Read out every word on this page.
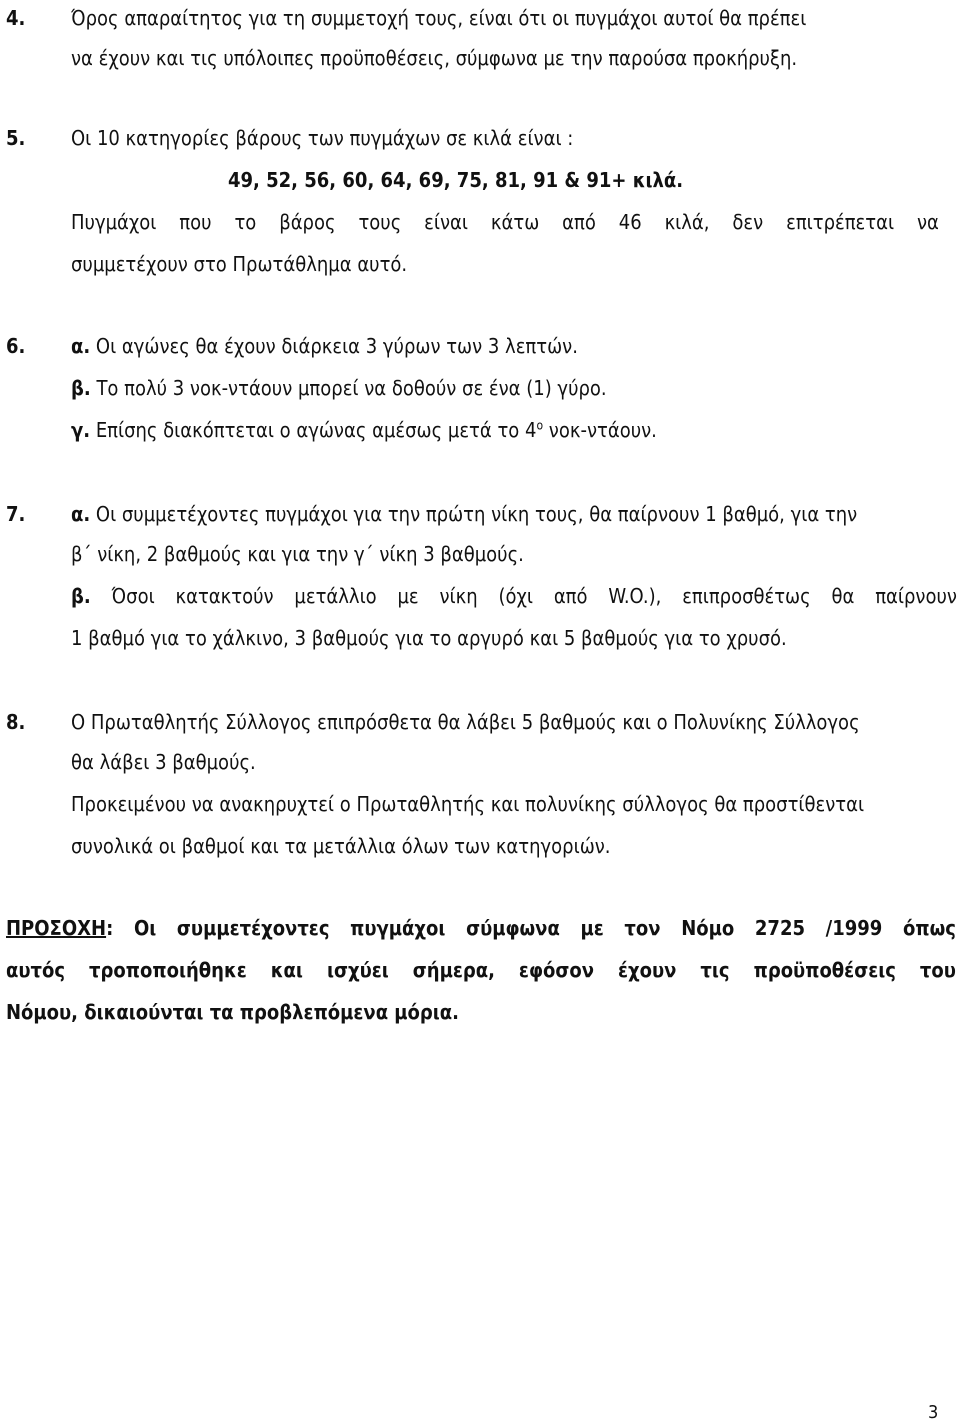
4. Όρος απαραίτητος για τη συμμετοχή τους, είναι ότι οι πυγμάχοι αυτοί θα πρέπει
να έχουν και τις υπόλοιπες προϋποθέσεις, σύμφωνα με την παρούσα προκήρυξη.
5. Οι 10 κατηγορίες βάρους των πυγμάχων σε κιλά είναι :
49, 52, 56, 60, 64, 69, 75, 81, 91 & 91+ κιλά.
Πυγμάχοι που το βάρος τους είναι κάτω από 46 κιλά, δεν επιτρέπεται να
συμμετέχουν στο Πρωτάθλημα αυτό.
6. α. Οι αγώνες θα έχουν διάρκεια 3 γύρων των 3 λεπτών.
β. Το πολύ 3 νοκ-ντάουν μπορεί να δοθούν σε ένα (1) γύρο.
γ. Επίσης διακόπτεται ο αγώνας αμέσως μετά το $4^o$ νοκ-ντάουν.
7. α. Οι συμμετέχοντες πυγμάχοι για την πρώτη νίκη τους, θα παίρνουν 1 βαθμό, για την
β΄ νίκη, 2 βαθμούς και για την γ΄ νίκη 3 βαθμούς.
β. Όσοι κατακτούν μετάλλιο με νίκη (όχι από W.O.), επιπροσθέτως θα παίρνουν
1 βαθμό για το χάλκινο, 3 βαθμούς για το αργυρό και 5 βαθμούς για το χρυσό.
8. Ο Πρωταθλητής Σύλλογος επιπρόσθετα θα λάβει 5 βαθμούς και ο Πολυνίκης Σύλλογος
θα λάβει 3 βαθμούς.
Προκειμένου να ανακηρυχτεί ο Πρωταθλητής και πολυνίκης σύλλογος θα προστίθενται
συνολικά οι βαθμοί και τα μετάλλια όλων των κατηγοριών.
ΠΡΟΣΟΧΗ: Οι συμμετέχοντες πυγμάχοι σύμφωνα με τον Νόμο 2725 /1999 όπως
αυτός τροποποιήθηκε και ισχύει σήμερα, εφόσον έχουν τις προϋποθέσεις του
Νόμου, δικαιούνται τα προβλεπόμενα μόρια.
3
